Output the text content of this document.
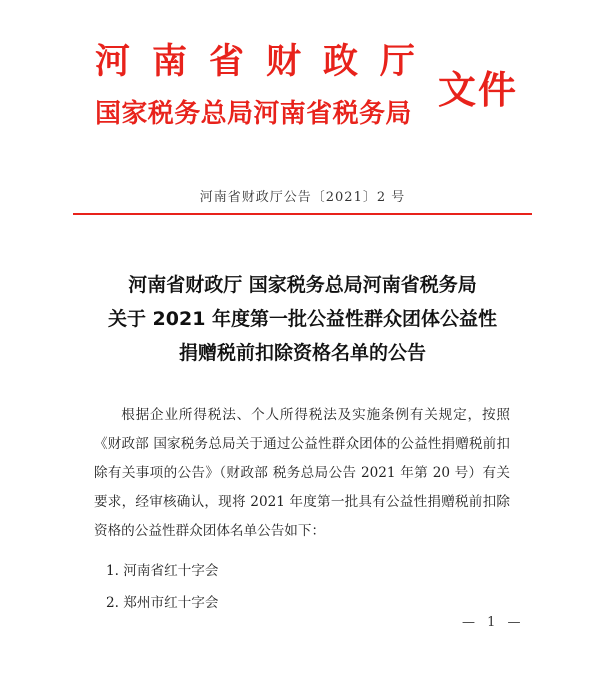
河 南 省 财 政 厅
国家税务总局河南省税务局
文件
河南省财政厅公告〔2021〕2 号
河南省财政厅 国家税务总局河南省税务局
关于 2021 年度第一批公益性群众团体公益性
捐赠税前扣除资格名单的公告
根据企业所得税法、个人所得税法及实施条例有关规定，按照《财政部 国家税务总局关于通过公益性群众团体的公益性捐赠税前扣除有关事项的公告》（财政部 税务总局公告 2021 年第 20 号）有关要求，经审核确认，现将 2021 年度第一批具有公益性捐赠税前扣除资格的公益性群众团体名单公告如下：
1. 河南省红十字会
2. 郑州市红十字会
— 1 —
